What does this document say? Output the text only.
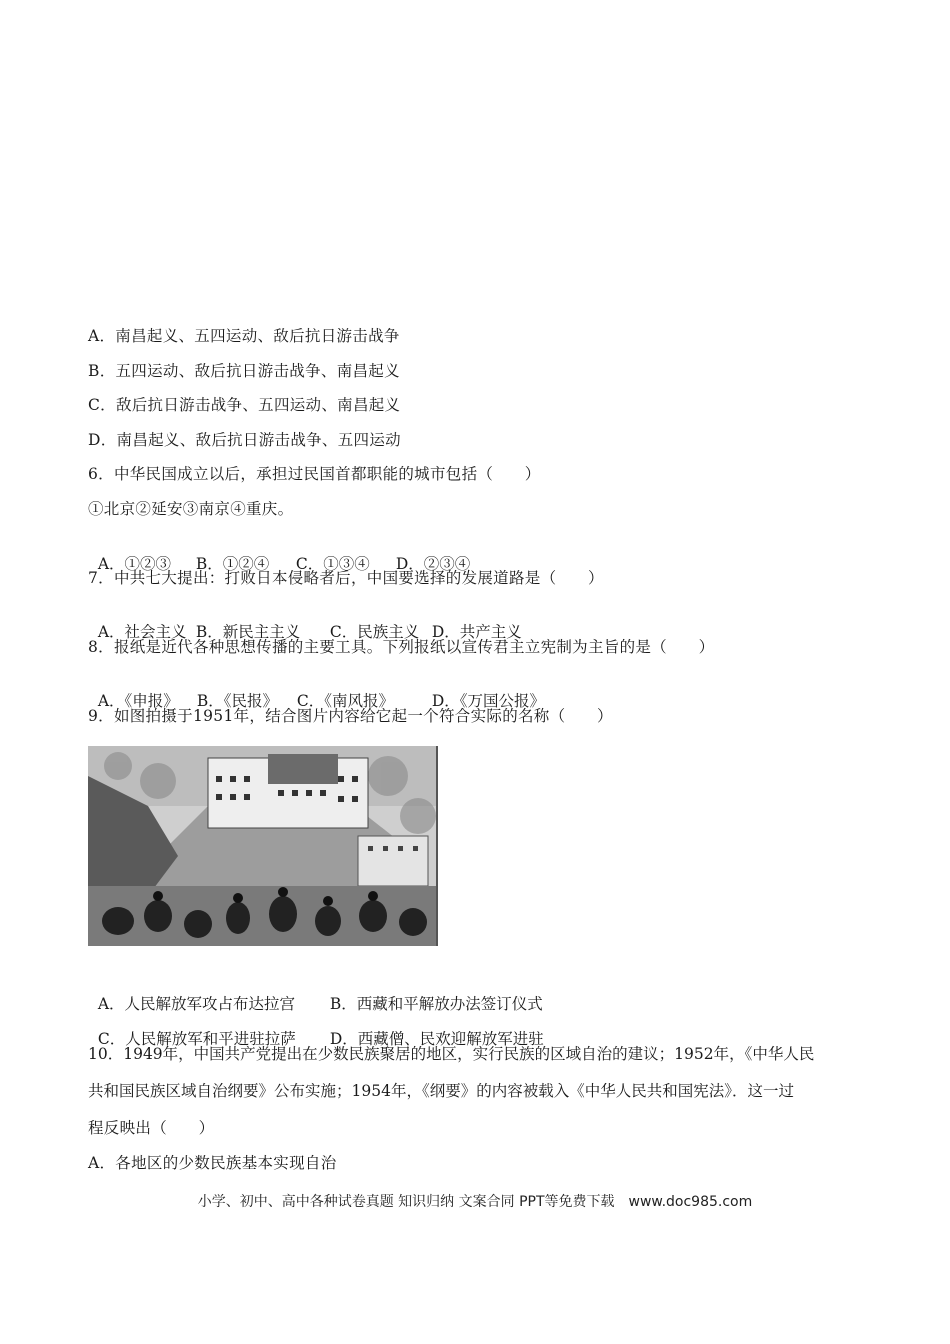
A．南昌起义、五四运动、敌后抗日游击战争
B．五四运动、敌后抗日游击战争、南昌起义
C．敌后抗日游击战争、五四运动、南昌起义
D．南昌起义、敌后抗日游击战争、五四运动
6．中华民国成立以后，承担过民国首都职能的城市包括（　　）
①北京②延安③南京④重庆。

A．①②③ B．①②④ C．①③④ D．②③④

7．中共七大提出：打败日本侵略者后，中国要选择的发展道路是（　　）

A．社会主义 B．新民主主义 C．民族主义 D．共产主义

8．报纸是近代各种思想传播的主要工具。下列报纸以宣传君主立宪制为主旨的是（　　）

A．《申报》 B．《民报》 C．《南风报》 D．《万国公报》

9．如图拍摄于1951年，结合图片内容给它起一个符合实际的名称（　　）

A．人民解放军攻占布达拉宫 B．西藏和平解放办法签订仪式

C．人民解放军和平进驻拉萨 D．西藏僧、民欢迎解放军进驻

10．1949年，中国共产党提出在少数民族聚居的地区，实行民族的区域自治的建议；1952年，《中华人民
共和国民族区域自治纲要》公布实施；1954年，《纲要》的内容被载入《中华人民共和国宪法》．这一过
程反映出（　　）
A．各地区的少数民族基本实现自治
小学、初中、高中各种试卷真题 知识归纳 文案合同 PPT等免费下载　www.doc985.com
